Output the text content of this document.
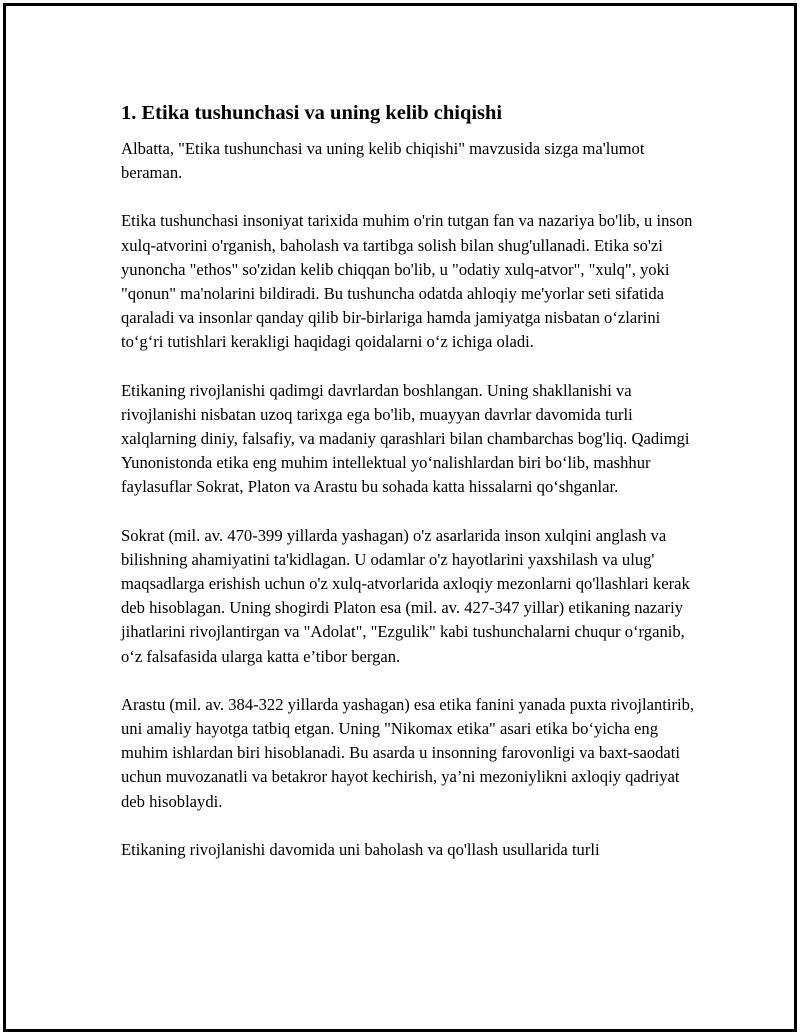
1. Etika tushunchasi va uning kelib chiqishi

Albatta, "Etika tushunchasi va uning kelib chiqishi" mavzusida sizga ma'lumot beraman.

Etika tushunchasi insoniyat tarixida muhim o'rin tutgan fan va nazariya bo'lib, u inson xulq-atvorini o'rganish, baholash va tartibga solish bilan shug'ullanadi. Etika so'zi yunoncha "ethos" so'zidan kelib chiqqan bo'lib, u "odatiy xulq-atvor", "xulq", yoki "qonun" ma'nolarini bildiradi. Bu tushuncha odatda ahloqiy me'yorlar seti sifatida qaraladi va insonlar qanday qilib bir-birlariga hamda jamiyatga nisbatan o‘zlarini to‘g‘ri tutishlari kerakligi haqidagi qoidalarni o‘z ichiga oladi.

Etikaning rivojlanishi qadimgi davrlardan boshlangan. Uning shakllanishi va rivojlanishi nisbatan uzoq tarixga ega bo'lib, muayyan davrlar davomida turli xalqlarning diniy, falsafiy, va madaniy qarashlari bilan chambarchas bog'liq. Qadimgi Yunonistonda etika eng muhim intellektual yo‘nalishlardan biri bo‘lib, mashhur faylasuflar Sokrat, Platon va Arastu bu sohada katta hissalarni qo‘shganlar.

Sokrat (mil. av. 470-399 yillarda yashagan) o'z asarlarida inson xulqini anglash va bilishning ahamiyatini ta'kidlagan. U odamlar o'z hayotlarini yaxshilash va ulug' maqsadlarga erishish uchun o'z xulq-atvorlarida axloqiy mezonlarni qo'llashlari kerak deb hisoblagan. Uning shogirdi Platon esa (mil. av. 427-347 yillar) etikaning nazariy jihatlarini rivojlantirgan va "Adolat", "Ezgulik" kabi tushunchalarni chuqur o‘rganib, o‘z falsafasida ularga katta e’tibor bergan.

Arastu (mil. av. 384-322 yillarda yashagan) esa etika fanini yanada puxta rivojlantirib, uni amaliy hayotga tatbiq etgan. Uning "Nikomax etika" asari etika bo‘yicha eng muhim ishlardan biri hisoblanadi. Bu asarda u insonning farovonligi va baxt-saodati uchun muvozanatli va betakror hayot kechirish, ya’ni mezoniylikni axloqiy qadriyat deb hisoblaydi.

Etikaning rivojlanishi davomida uni baholash va qo'llash usullarida turli
